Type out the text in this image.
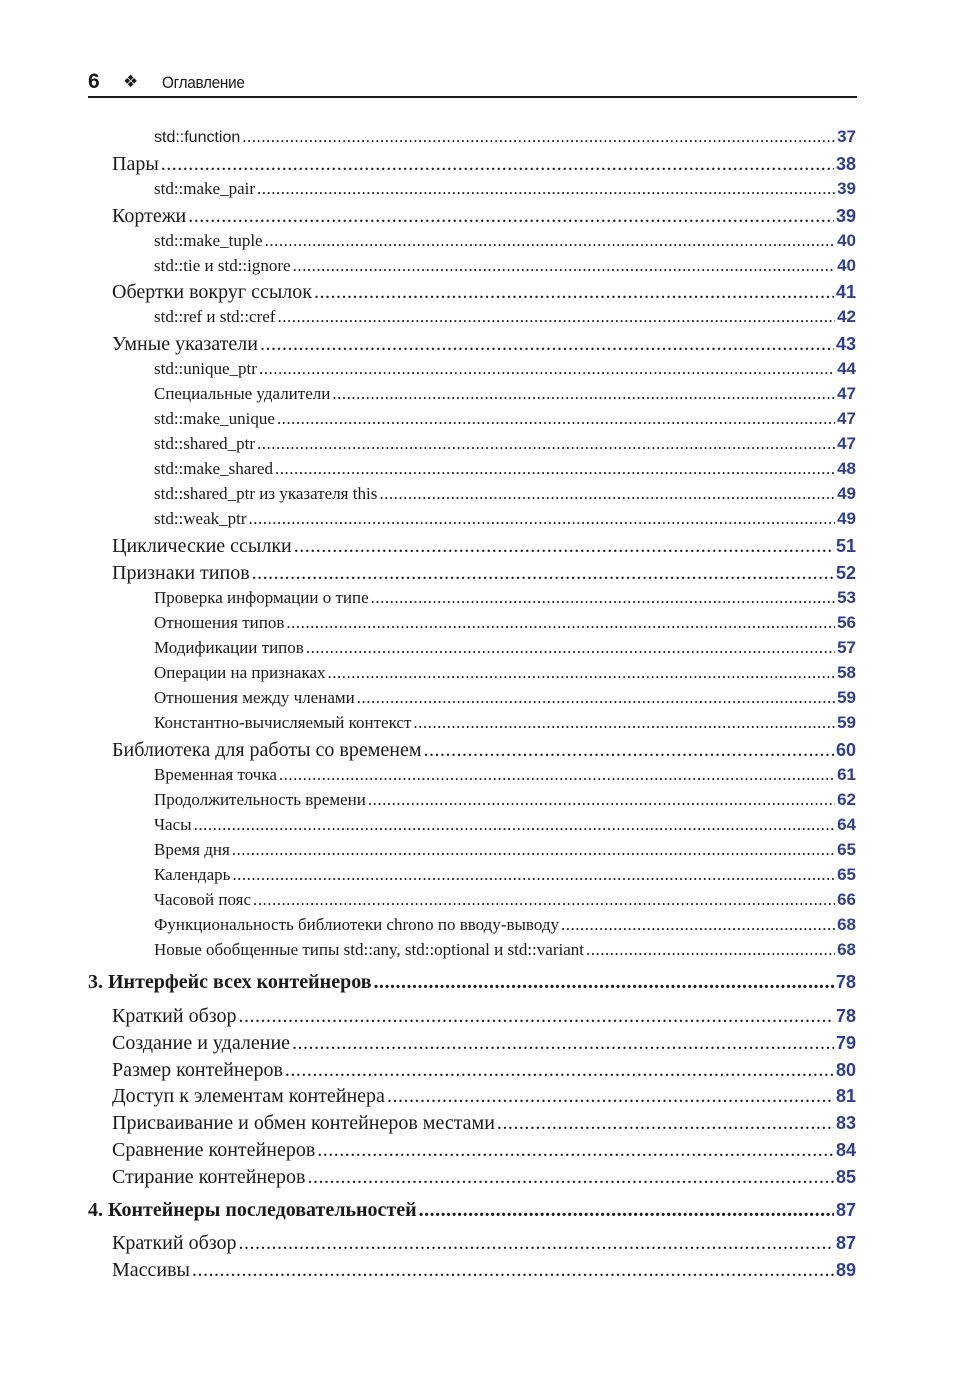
6 ❖ Оглавление
std::function .....	37
Пары .....	38
std::make_pair .....	39
Кортежи .....	39
std::make_tuple .....	40
std::tie и std::ignore .....	40
Обертки вокруг ссылок .....	41
std::ref и std::cref .....	42
Умные указатели .....	43
std::unique_ptr .....	44
Специальные удалители .....	47
std::make_unique .....	47
std::shared_ptr .....	47
std::make_shared .....	48
std::shared_ptr из указателя this .....	49
std::weak_ptr .....	49
Циклические ссылки .....	51
Признаки типов .....	52
Проверка информации о типе .....	53
Отношения типов .....	56
Модификации типов .....	57
Операции на признаках .....	58
Отношения между членами .....	59
Константно-вычисляемый контекст .....	59
Библиотека для работы со временем .....	60
Временная точка .....	61
Продолжительность времени .....	62
Часы .....	64
Время дня .....	65
Календарь .....	65
Часовой пояс .....	66
Функциональность библиотеки chrono по вводу-выводу .....	68
Новые обобщенные типы std::any, std::optional и std::variant .....	68
3. Интерфейс всех контейнеров .....	78
Краткий обзор .....	78
Создание и удаление .....	79
Размер контейнеров .....	80
Доступ к элементам контейнера .....	81
Присваивание и обмен контейнеров местами .....	83
Сравнение контейнеров .....	84
Стирание контейнеров .....	85
4. Контейнеры последовательностей .....	87
Краткий обзор .....	87
Массивы .....	89
